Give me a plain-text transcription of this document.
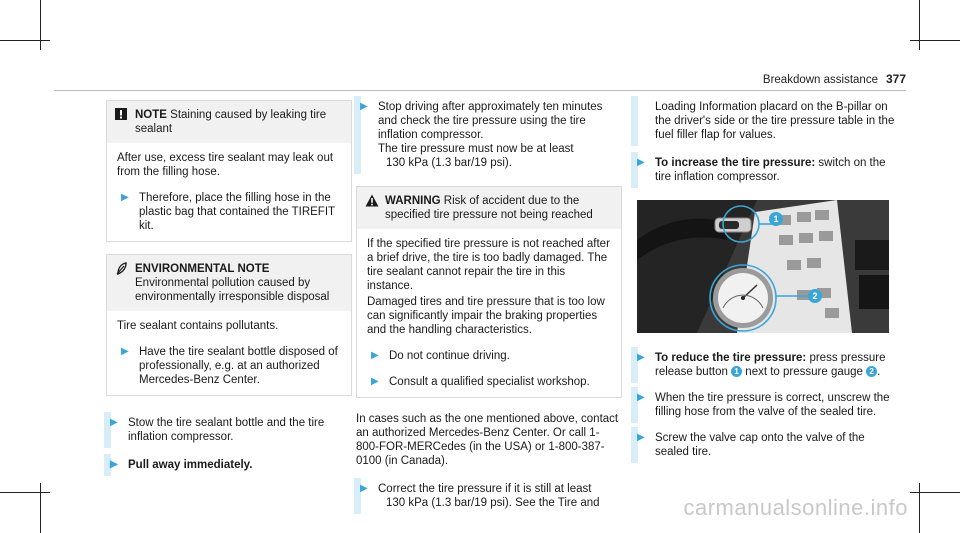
Breakdown assistance 377
NOTE Staining caused by leaking tire sealant
After use, excess tire sealant may leak out from the filling hose.
▶ Therefore, place the filling hose in the plastic bag that contained the TIREFIT kit.
ENVIRONMENTAL NOTE Environmental pollution caused by environmentally irresponsible disposal
Tire sealant contains pollutants.
▶ Have the tire sealant bottle disposed of professionally, e.g. at an authorized Mercedes-Benz Center.
▶ Stow the tire sealant bottle and the tire inflation compressor.
▶ Pull away immediately.
▶ Stop driving after approximately ten minutes and check the tire pressure using the tire inflation compressor.
The tire pressure must now be at least
130 kPa (1.3 bar/19 psi).
WARNING Risk of accident due to the specified tire pressure not being reached
If the specified tire pressure is not reached after a brief drive, the tire is too badly damaged. The tire sealant cannot repair the tire in this instance.
Damaged tires and tire pressure that is too low can significantly impair the braking properties and the handling characteristics.
▶ Do not continue driving.
▶ Consult a qualified specialist workshop.
In cases such as the one mentioned above, contact an authorized Mercedes-Benz Center. Or call 1-800-FOR-MERCedes (in the USA) or 1-800-387-0100 (in Canada).
▶ Correct the tire pressure if it is still at least
130 kPa (1.3 bar/19 psi). See the Tire and
Loading Information placard on the B-pillar on the driver's side or the tire pressure table in the fuel filler flap for values.
▶ To increase the tire pressure: switch on the tire inflation compressor.
1
2
▶ To reduce the tire pressure: press pressure release button 1 next to pressure gauge 2 .
▶ When the tire pressure is correct, unscrew the filling hose from the valve of the sealed tire.
▶ Screw the valve cap onto the valve of the sealed tire.
carmanualsonline.info
